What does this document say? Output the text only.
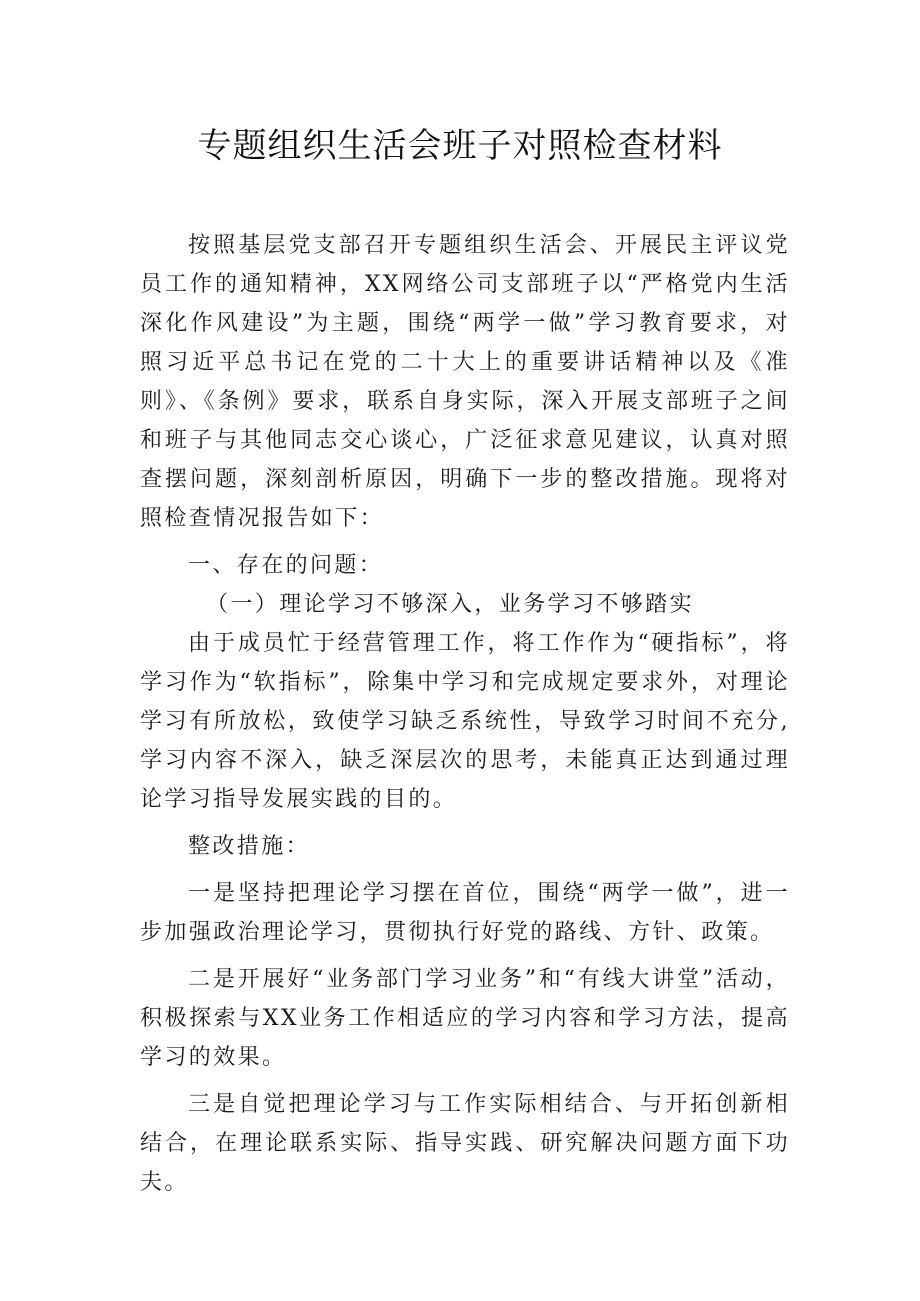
专题组织生活会班子对照检查材料

按照基层党支部召开专题组织生活会、开展民主评议党员工作的通知精神，XX网络公司支部班子以“严格党内生活深化作风建设”为主题，围绕“两学一做”学习教育要求，对照习近平总书记在党的二十大上的重要讲话精神以及《准则》、《条例》要求，联系自身实际，深入开展支部班子之间和班子与其他同志交心谈心，广泛征求意见建议，认真对照查摆问题，深刻剖析原因，明确下一步的整改措施。现将对照检查情况报告如下：

一、存在的问题：

（一）理论学习不够深入，业务学习不够踏实

由于成员忙于经营管理工作，将工作作为“硬指标”，将学习作为“软指标”，除集中学习和完成规定要求外，对理论学习有所放松，致使学习缺乏系统性，导致学习时间不充分,学习内容不深入，缺乏深层次的思考，未能真正达到通过理论学习指导发展实践的目的。

整改措施：

一是坚持把理论学习摆在首位，围绕“两学一做”，进一步加强政治理论学习，贯彻执行好党的路线、方针、政策。

二是开展好“业务部门学习业务”和“有线大讲堂”活动，积极探索与XX业务工作相适应的学习内容和学习方法，提高学习的效果。

三是自觉把理论学习与工作实际相结合、与开拓创新相结合，在理论联系实际、指导实践、研究解决问题方面下功夫。
